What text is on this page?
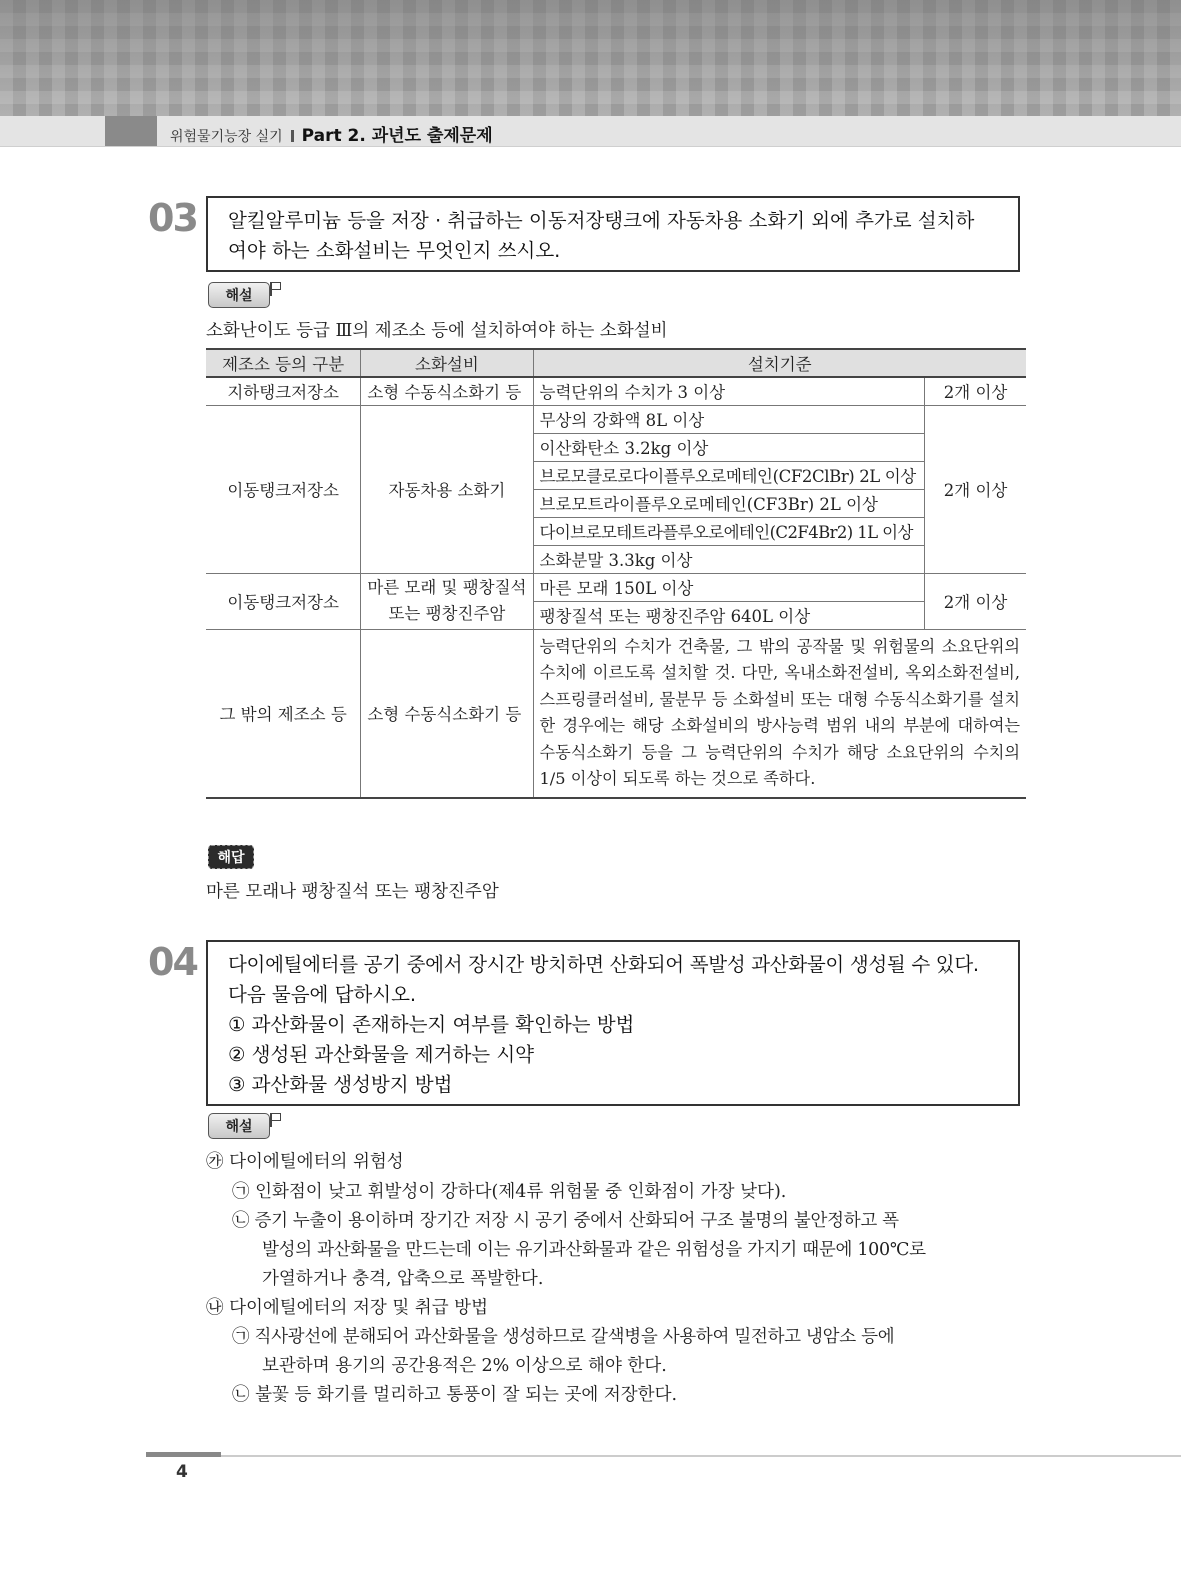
위험물기능장 실기 Part 2. 과년도 출제문제
03 알킬알루미늄 등을 저장 · 취급하는 이동저장탱크에 자동차용 소화기 외에 추가로 설치하
여야 하는 소화설비는 무엇인지 쓰시오.
해설
소화난이도 등급 Ⅲ의 제조소 등에 설치하여야 하는 소화설비
제조소 등의 구분	소화설비	설치기준	
지하탱크저장소	소형 수동식소화기 등	능력단위의 수치가 3 이상	2개 이상
이동탱크저장소	자동차용 소화기	무상의 강화액 8L 이상	2개 이상
		이산화탄소 3.2kg 이상	
		브로모클로로다이플루오로메테인(CF2ClBr) 2L 이상	
		브로모트라이플루오로메테인(CF3Br) 2L 이상	
		다이브로모테트라플루오로에테인(C2F4Br2) 1L 이상	
		소화분말 3.3kg 이상	
이동탱크저장소	마른 모래 및 팽창질석
또는 팽창진주암	마른 모래 150L 이상	2개 이상
		팽창질석 또는 팽창진주암 640L 이상	
그 밖의 제조소 등	소형 수동식소화기 등	능력단위의 수치가 건축물, 그 밖의 공작물 및 위험물의 소요단위의 수치에 이르도록 설치할 것. 다만, 옥내소화전설비, 옥외소화전설비, 스프링클러설비, 물분무 등 소화설비 또는 대형 수동식소화기를 설치한 경우에는 해당 소화설비의 방사능력 범위 내의 부분에 대하여는 수동식소화기 등을 그 능력단위의 수치가 해당 소요단위의 수치의 1/5 이상이 되도록 하는 것으로 족하다.	
해답
마른 모래나 팽창질석 또는 팽창진주암
04 다이에틸에터를 공기 중에서 장시간 방치하면 산화되어 폭발성 과산화물이 생성될 수 있다.
다음 물음에 답하시오.
① 과산화물이 존재하는지 여부를 확인하는 방법
② 생성된 과산화물을 제거하는 시약
③ 과산화물 생성방지 방법
해설
㉮ 다이에틸에터의 위험성
㉠ 인화점이 낮고 휘발성이 강하다(제4류 위험물 중 인화점이 가장 낮다).
㉡ 증기 누출이 용이하며 장기간 저장 시 공기 중에서 산화되어 구조 불명의 불안정하고 폭
발성의 과산화물을 만드는데 이는 유기과산화물과 같은 위험성을 가지기 때문에 100℃로
가열하거나 충격, 압축으로 폭발한다.
㉯ 다이에틸에터의 저장 및 취급 방법
㉠ 직사광선에 분해되어 과산화물을 생성하므로 갈색병을 사용하여 밀전하고 냉암소 등에
보관하며 용기의 공간용적은 2% 이상으로 해야 한다.
㉡ 불꽃 등 화기를 멀리하고 통풍이 잘 되는 곳에 저장한다.
4
